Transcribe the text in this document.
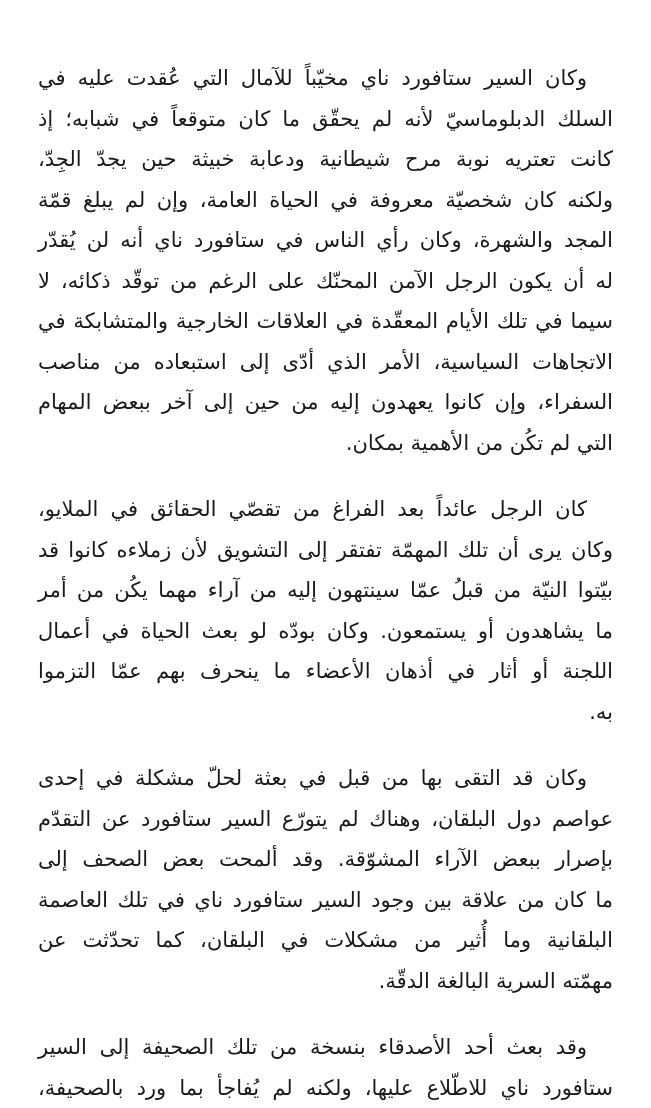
وكان السير ستافورد ناي مخيّباً للآمال التي عُقدت عليه في
السلك الدبلوماسيّ لأنه لم يحقّق ما كان متوقعاً في شبابه؛ إذ
كانت تعتريه نوبة مرح شيطانية ودعابة خبيثة حين يجدّ الجِدّ،
ولكنه كان شخصيّة معروفة في الحياة العامة، وإن لم يبلغ قمّة
المجد والشهرة، وكان رأي الناس في ستافورد ناي أنه لن يُقدّر
له أن يكون الرجل الآمن المحنّك على الرغم من توقّد ذكائه، لا
سيما في تلك الأيام المعقّدة في العلاقات الخارجية والمتشابكة في
الاتجاهات السياسية، الأمر الذي أدّى إلى استبعاده من مناصب
السفراء، وإن كانوا يعهدون إليه من حين إلى آخر ببعض المهام
التي لم تكُن من الأهمية بمكان.

كان الرجل عائداً بعد الفراغ من تقصّي الحقائق في الملايو،
وكان يرى أن تلك المهمّة تفتقر إلى التشويق لأن زملاءه كانوا قد
بيّتوا النيّة من قبلُ عمّا سينتهون إليه من آراء مهما يكُن من أمر
ما يشاهدون أو يستمعون. وكان بودّه لو بعث الحياة في أعمال
اللجنة أو أثار في أذهان الأعضاء ما ينحرف بهم عمّا التزموا
به.

وكان قد التقى بها من قبل في بعثة لحلّ مشكلة في إحدى
عواصم دول البلقان، وهناك لم يتورّع السير ستافورد عن التقدّم
بإصرار ببعض الآراء المشوّقة. وقد ألمحت بعض الصحف إلى
ما كان من علاقة بين وجود السير ستافورد ناي في تلك العاصمة
البلقانية وما أُثير من مشكلات في البلقان، كما تحدّثت عن
مهمّته السرية البالغة الدقّة.

وقد بعث أحد الأصدقاء بنسخة من تلك الصحيفة إلى السير
ستافورد ناي للاطّلاع عليها، ولكنه لم يُفاجأ بما ورد بالصحيفة،
